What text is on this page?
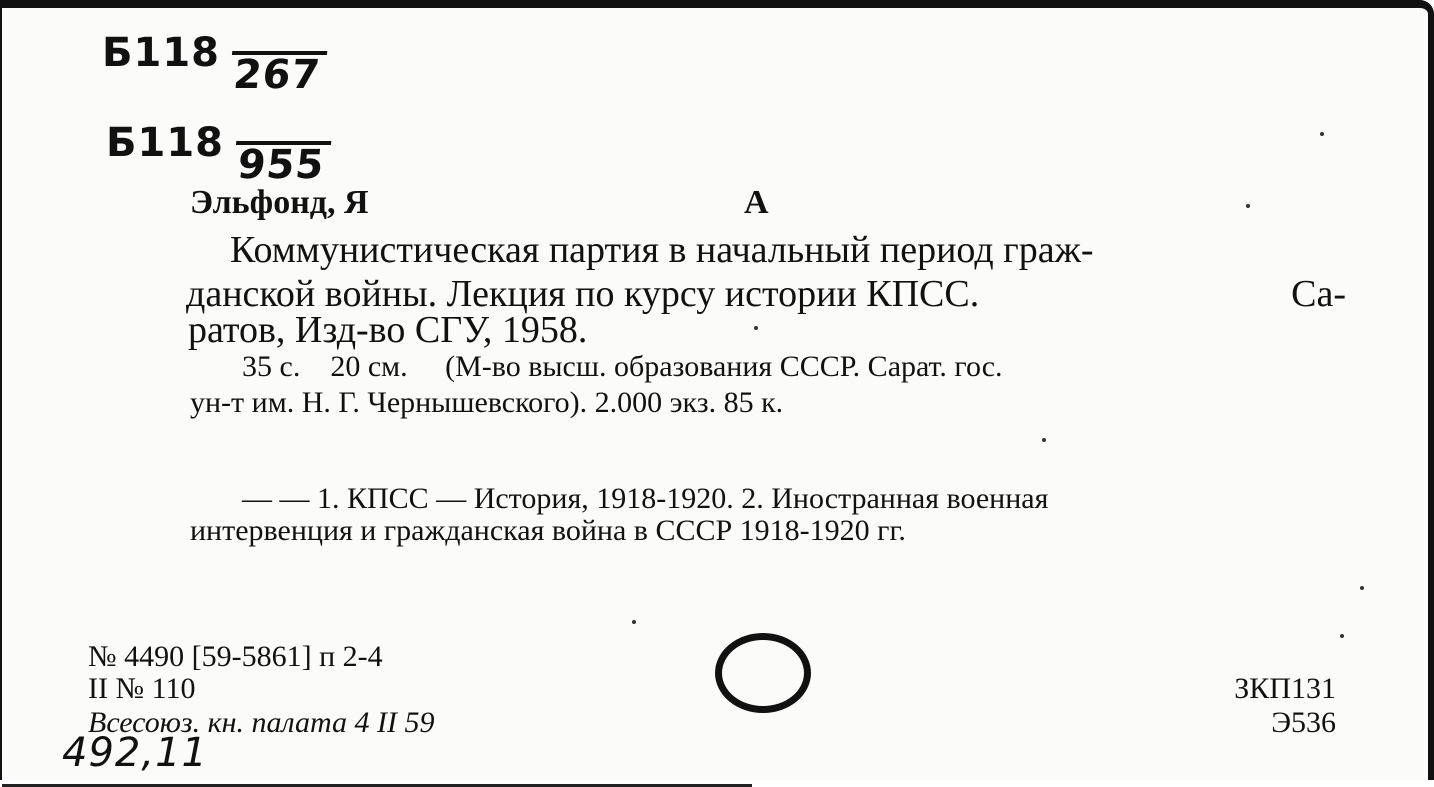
Б118 267
Б118 955
Эльфонд, Я	А
Коммунистическая партия в начальный период граж-
данской войны. Лекция по курсу истории КПСС.	Са-
ратов, Изд-во СГУ, 1958.
35 с.    20 см.     (М-во высш. образования СССР. Сарат. гос.
ун-т им. Н. Г. Чернышевского). 2.000 экз. 85 к.
— — 1. КПСС — История, 1918-1920. 2. Иностранная военная
интервенция и гражданская война в СССР 1918-1920 гг.
№ 4490 [59-5861] п 2-4
II № 110
Всесоюз. кн. палата 4 II 59
492,11
ЗКП131
Э536
